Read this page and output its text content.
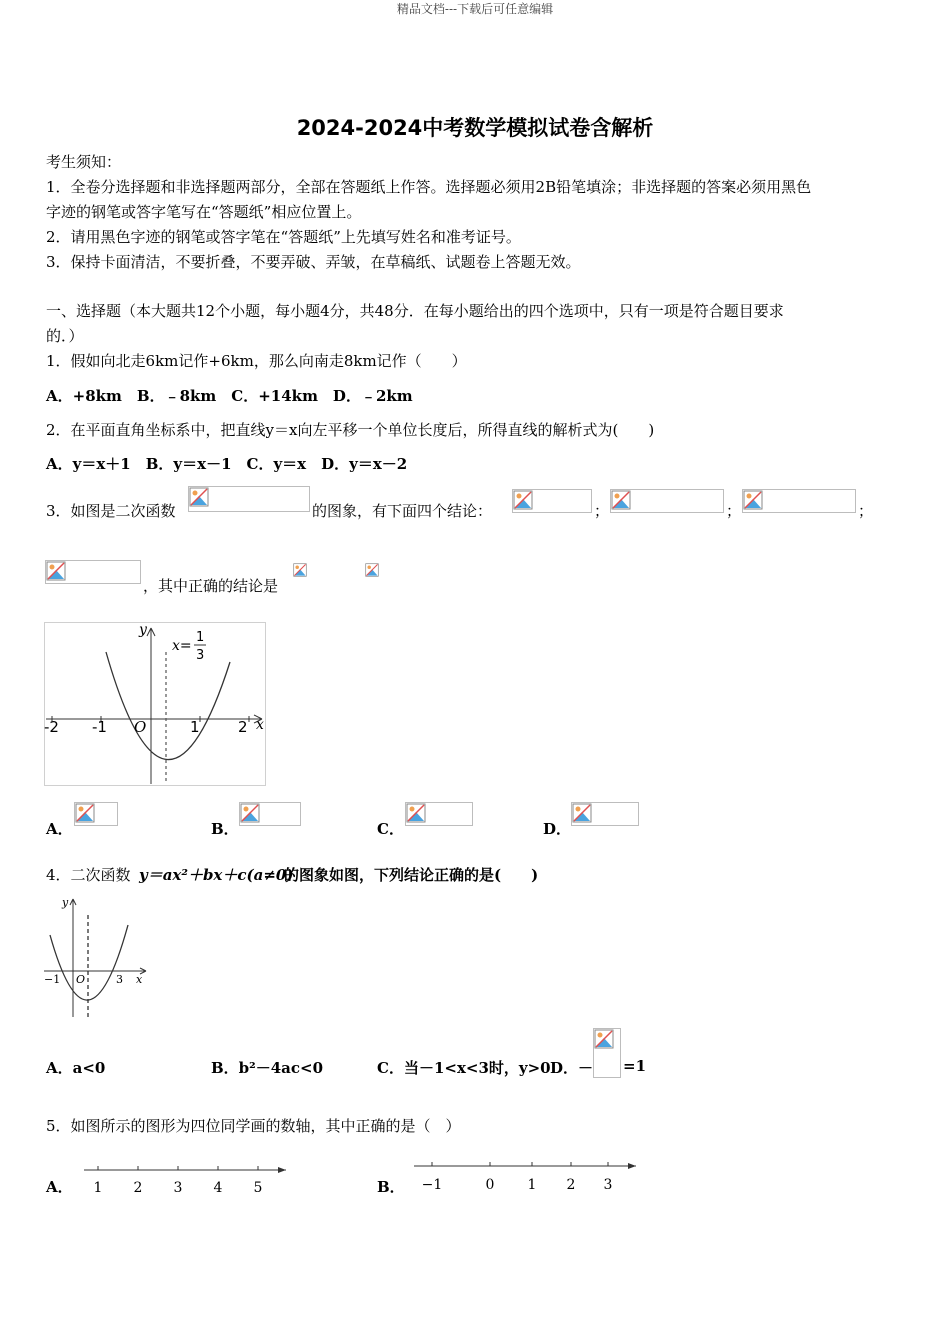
精品文档---下载后可任意编辑
2024-2024中考数学模拟试卷含解析
考生须知：
1．全卷分选择题和非选择题两部分，全部在答题纸上作答。选择题必须用2B铅笔填涂；非选择题的答案必须用黑色
字迹的钢笔或答字笔写在“答题纸”相应位置上。
2．请用黑色字迹的钢笔或答字笔在“答题纸”上先填写姓名和准考证号。
3．保持卡面清洁，不要折叠，不要弄破、弄皱，在草稿纸、试题卷上答题无效。
一、选择题（本大题共12个小题，每小题4分，共48分．在每小题给出的四个选项中，只有一项是符合题目要求
的．）
1．假如向北走6km记作+6km，那么向南走8km记作（　　）
A．+8km　B．﹣8km　C．+14km　D．﹣2km
2．在平面直角坐标系中，把直线y＝x向左平移一个单位长度后，所得直线的解析式为(　　)
A．y＝x＋1　B．y＝x－1　C．y＝x　D．y＝x－2
3．如图是二次函数	的图象，有下面四个结论：	；	；	；
，其中正确的结论是
-2 -1	1	2
O	x
y
x=
1
3
A．	B．	C．	D．
4．二次函数 y＝ax²＋bx＋c(a≠0)
的图象如图，下列结论正确的是(　　)
−1 O	3 x
y
A．a<0	B．b²－4ac<0	C．当－1<x<3时，y>0 D．－ =1
5．如图所示的图形为四位同学画的数轴，其中正确的是（　）
A． 1 2 3 4 5	B． −1	0 1 2 3
